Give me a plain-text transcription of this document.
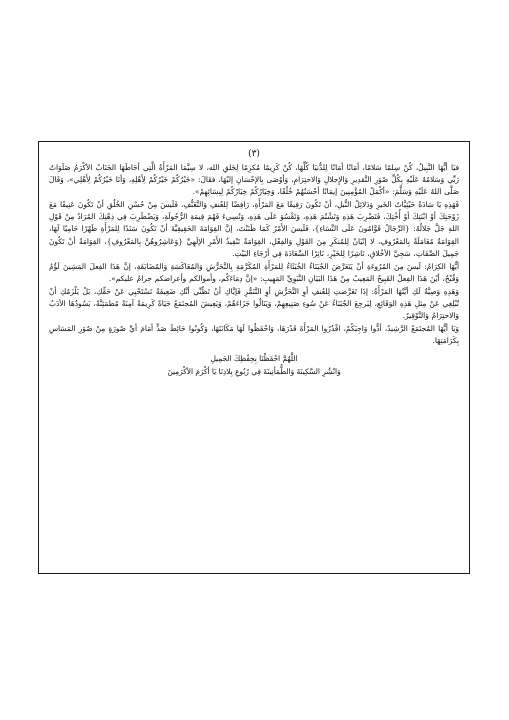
(٣)

فيَا أيُّهَا النَّبِيلُ، كُنْ سِلمًا سَلامًا، أمَانًا أمَانًا لِلدُّنيَا كُلِّهَا، كُنْ كَرِيمًا مُكرِمًا لِخَلقِ الله، لا سِيَّمَا المَرْأَةُ الَّتِي أحَاطَهَا الجَنَابُ الأكْرَمُ صَلَوَاتُ رَبِّي وَسَلامُهُ عَلَيْهِ بِكُلِّ صُوَرِ التَّقدِيرِ وَالإِجلالِ وَالاحتِرَامِ، وَأوْصَى بِالإحْسَانِ إليْهَا، فقَالَ: «خَيْرُكُمْ خَيْرُكُمْ لِأَهْلِهِ، وَأنَا خَيْرُكُمْ لِأَهْلِي»، وَقَالَ صَلَّى اللهُ عَلَيْهِ وَسَلَّمَ: «أكْمَلُ المُؤْمِنِينَ إيمَانًا أحْسَنُهُمْ خُلُقًا، وَخِيَارُكُمْ خِيَارُكُمْ لِنِسَائِهِمْ».

فَهَذِهِ يَا سَادَةُ حَيْثِيَّاتُ الخَيرِ وَدَلائِلُ النُّبلِ، أنْ تَكُونَ رَفِيقًا مَعَ المَرْأَةِ، رَافِضًا لِلعُنفِ وَالتَّعَنُّفِ، فَلَيسَ مِنْ حُسْنِ الخُلُقِ أنْ تَكُونَ عَنِيفًا مَعَ زَوْجَتِكَ أوْ ابْنَتِكَ أوْ أُخْتِكَ، فَتَضْرِبَ هَذِهِ وَتَشْتُمَ هَذِهِ، وَتَقْسُوَ عَلَى هَذِهِ، وَتُسِيءَ فَهْمَ قِيمَةِ الرُّجُولَةِ، وَيَضْطَرِبَ فِي ذِهْنِكَ المُرَادُ مِنْ قَوْلِ اللهِ جَلَّ جَلالُهُ: {الرِّجَالُ قَوَّامُونَ عَلَى النِّسَاءِ}، فَلَيسَ الأَمْرُ كَمَا ظَنَنْتَ، إنَّ القِوَامَةَ الحَقِيقِيَّةَ أنْ تَكُونَ سَنَدًا لِلمَرْأَةِ ظَهْرًا حَامِيًا لَهَا، القِوَامَةُ مُعَامَلَةٌ بِالمَعْرُوفِ، لا إتْيَانٌ لِلمُنكَرِ مِنَ القَوْلِ وَالفِعْلِ، القِوَامَةُ تَنْفِيذُ الأَمْرِ الإلَهِيِّ {وَعَاشِرُوهُنَّ بِالمَعْرُوفِ}، القِوَامَةُ أنْ تَكُونَ جَمِيلَ الصِّفَاتِ، سَجِيَّ الأخْلاقِ، نَاشِرًا لِلخَيْرِ، نَاثِرًا السَّعَادَةَ فِي أرْجَاءِ البَيْتِ.

أيُّهَا الكِرَامُ: لَيسَ مِنَ المُرُوءَةِ أنْ يَتَعَرَّضَ الجُبَنَاءُ الخُبَثَاءُ لِلمَرْأَةِ المُكَرَّمَةِ بِالتَّحَرُّشِ وَالمُعَاكَسَةِ وَالمُضَايَقَةِ، إنَّ هَذَا الفِعلَ المَشِينَ لَؤُمٌ وَقُبْحٌ، أيْنَ هَذَا الفِعلُ القَبِيحُ المَعِيبُ مِنْ هَذَا البَيَانِ النَّبَوِيِّ المَهِيبِ: «إنَّ دِمَاءَكُم، وأموالكم وأعراضكم حرامٌ عليكم».

وَهَذِهِ وَصِيَّةٌ لَكِ أيَّتُهَا المَرْأَةُ: إذَا تَعَرَّضتِ لِلعُنفِ أوِ التَّحَرُّشِ أوِ التَّنَمُّرِ فَإيَّاكِ أنْ تَظُنِّي أنَّكِ ضَعِيفَةٌ تَسْتَحْيِي عَنْ حَقِّكِ، بَلْ يَلْزَمُكِ أنْ تُبْلِغِي عَنْ مِثلِ هَذِهِ الوَقَائِعِ، لِيَرجِعَ الجُبَنَاءُ عَنْ سُوءِ صَنِيعِهِمْ، وَيَنَالُوا جَزَاءَهُمْ، وَيَعِيشَ المُجتَمَعُ حَيَاةً كَرِيمَةً آمِنَةً مُطمَئِنَّةً، يَسُودُهَا الأدَبُ وَالاحتِرَامُ وَالتَّوْقِيرُ.

وَيَا أيُّهَا المُجتَمَعُ الرَّشِيدُ، أدُّوا وَاجِبَكُمْ، اقْدُرُوا المَرْأَةَ قَدْرَهَا، وَاحْفَظُوا لَهَا مَكَانَتَهَا، وَكُونُوا حَائِطَ صَدٍّ أمَامَ أيِّ صُورَةٍ مِنْ صُوَرِ المَسَاسِ بِكَرَامَتِهَا.

اللَّهُمَّ احْفَظْنَا بِحِفْظِكَ الجَمِيلِ
وَانْشُرِ السَّكِينَةَ وَالطُّمَأنِينَةَ فِي رُبُوعِ بِلادِنَا يَا أكْرَمَ الأكْرَمِينَ
